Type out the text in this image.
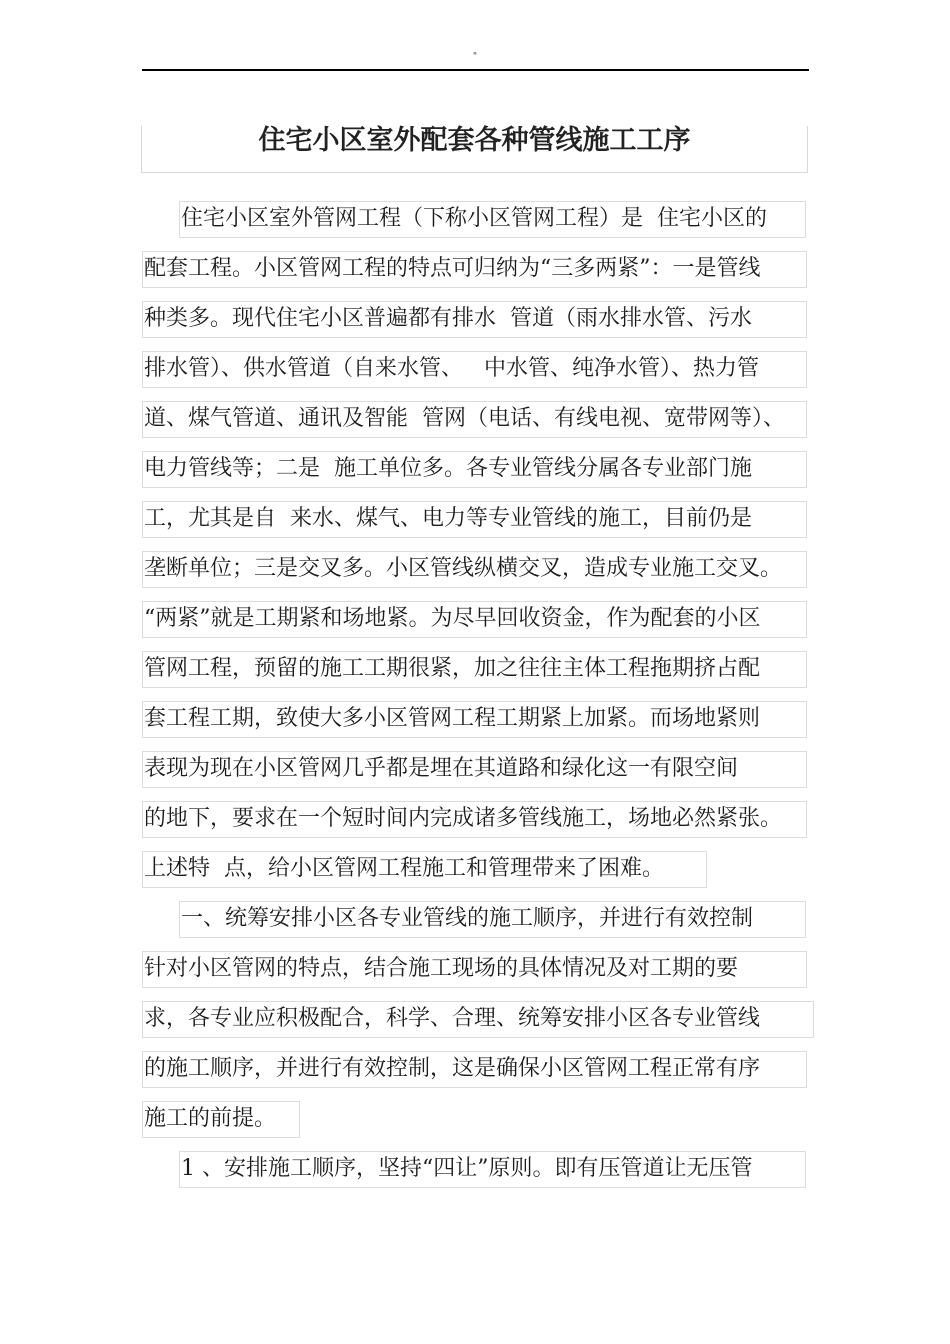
"
住宅小区室外配套各种管线施工工序
住宅小区室外管网工程（下称小区管网工程）是  住宅小区的
配套工程。小区管网工程的特点可归纳为“三多两紧”：一是管线
种类多。现代住宅小区普遍都有排水  管道（雨水排水管、污水
排水管）、供水管道（自来水管、   中水管、纯净水管）、热力管
道、煤气管道、通讯及智能  管网（电话、有线电视、宽带网等）、
电力管线等；二是  施工单位多。各专业管线分属各专业部门施
工，尤其是自  来水、煤气、电力等专业管线的施工，目前仍是
垄断单位；三是交叉多。小区管线纵横交叉，造成专业施工交叉。
“两紧”就是工期紧和场地紧。为尽早回收资金，作为配套的小区
管网工程，预留的施工工期很紧，加之往往主体工程拖期挤占配
套工程工期，致使大多小区管网工程工期紧上加紧。而场地紧则
表现为现在小区管网几乎都是埋在其道路和绿化这一有限空间
的地下，要求在一个短时间内完成诸多管线施工，场地必然紧张。
上述特  点，给小区管网工程施工和管理带来了困难。
一、统筹安排小区各专业管线的施工顺序，并进行有效控制
针对小区管网的特点，结合施工现场的具体情况及对工期的要
求，各专业应积极配合，科学、合理、统筹安排小区各专业管线
的施工顺序，并进行有效控制，这是确保小区管网工程正常有序
施工的前提。
1 、安排施工顺序，坚持“四让”原则。即有压管道让无压管
